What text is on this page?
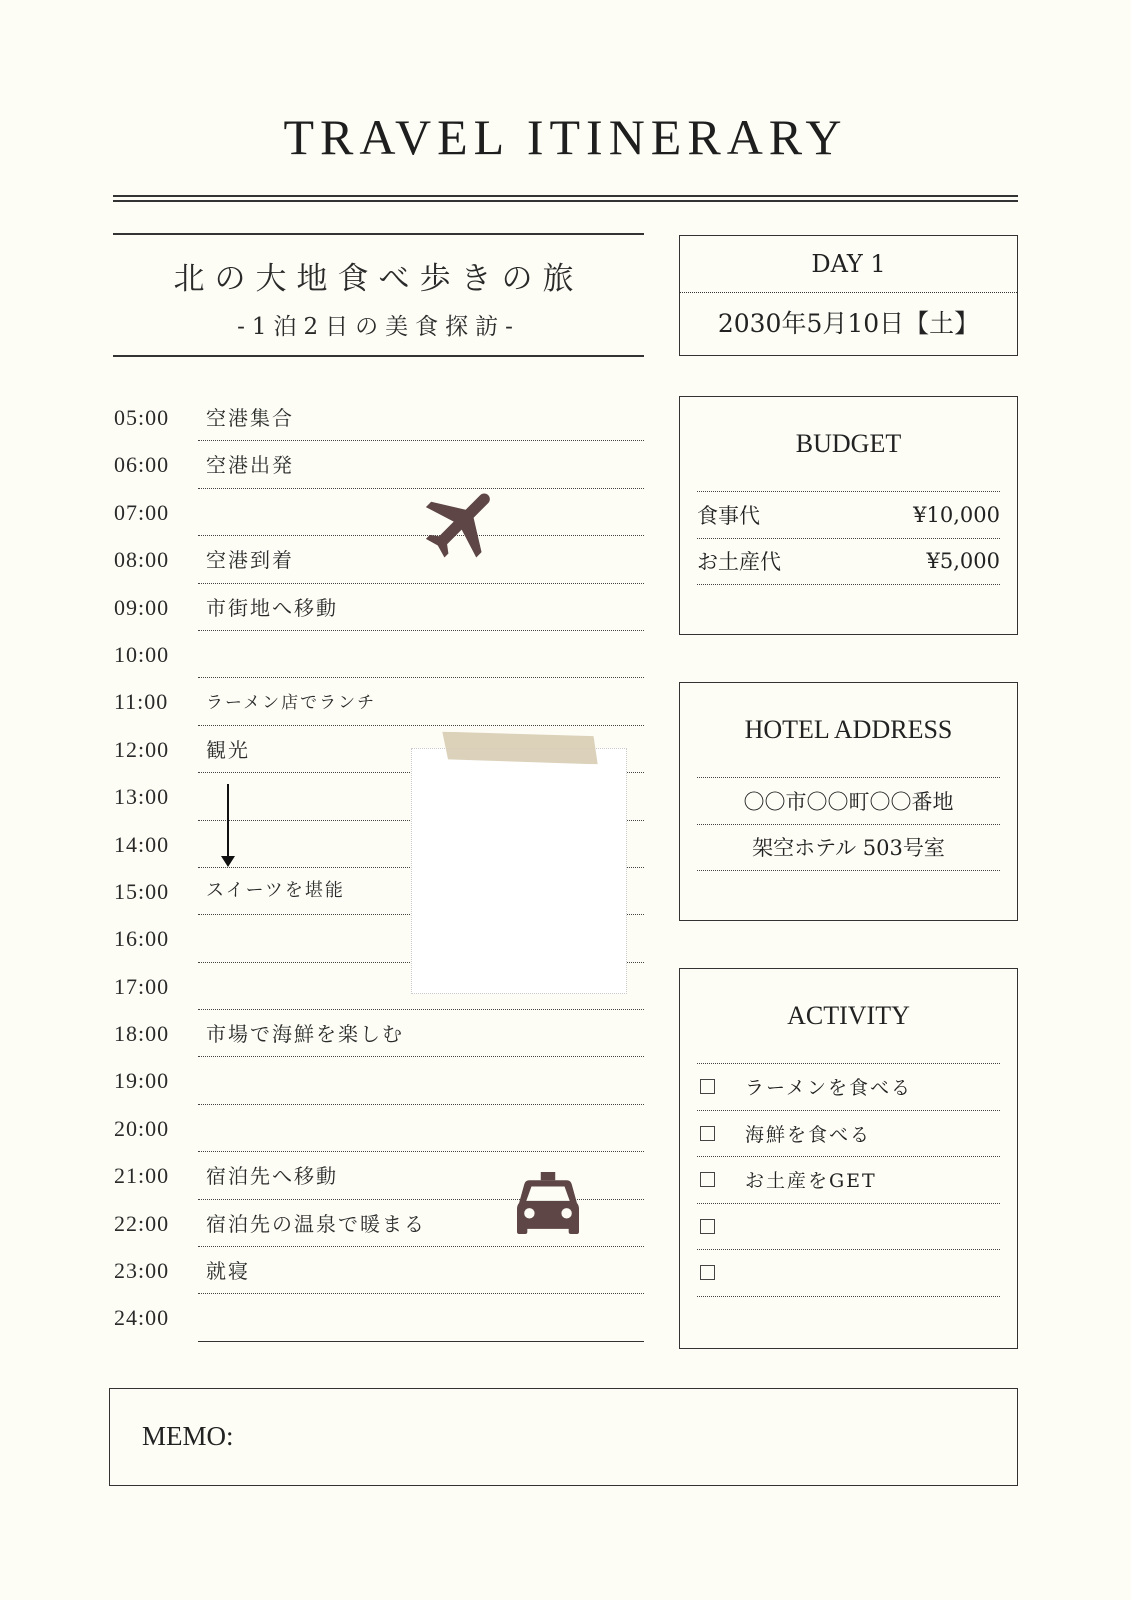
TRAVEL ITINERARY
北の大地食べ歩きの旅
-1泊2日の美食探訪-
DAY 1
2030年5月10日【土】
05:00 空港集合
06:00 空港出発
07:00
08:00 空港到着
09:00 市街地へ移動
10:00
11:00 ラーメン店でランチ
12:00 観光
13:00
14:00
15:00 スイーツを堪能
16:00
17:00
18:00 市場で海鮮を楽しむ
19:00
20:00
21:00 宿泊先へ移動
22:00 宿泊先の温泉で暖まる
23:00 就寝
24:00
BUDGET
食事代	¥10,000
お土産代	¥5,000
HOTEL ADDRESS
〇〇市〇〇町〇〇番地
架空ホテル 503号室
ACTIVITY
ラーメンを食べる
海鮮を食べる
お土産をGET
MEMO:
